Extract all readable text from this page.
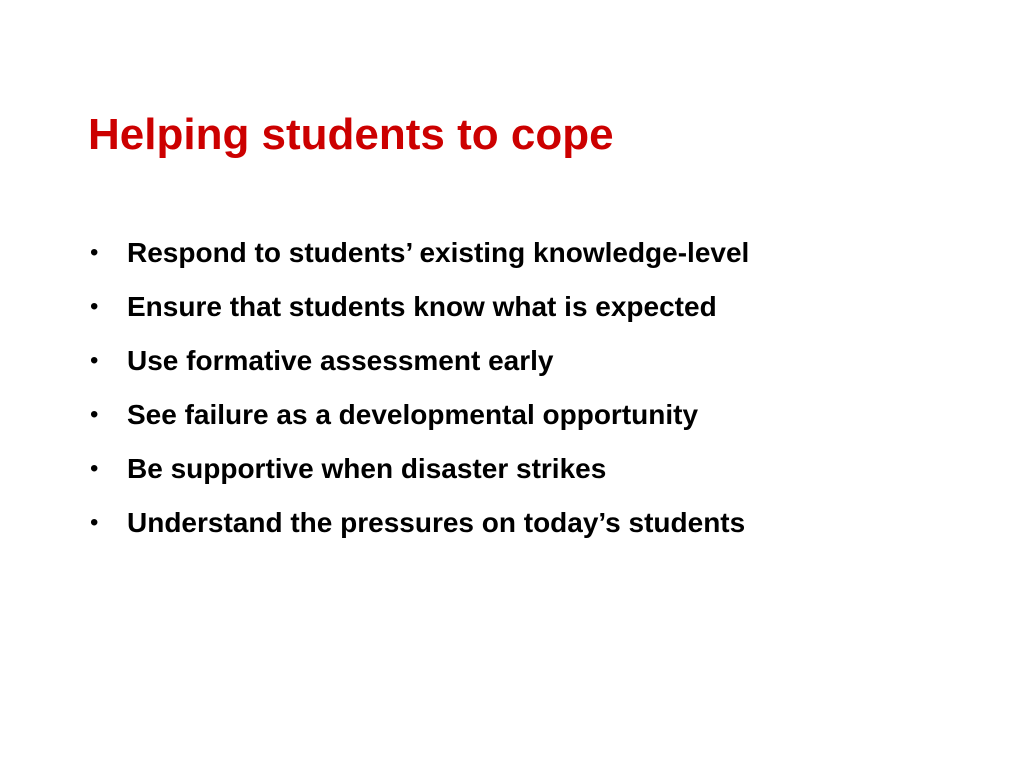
Helping students to cope
•	Respond to students’ existing knowledge-level
•	Ensure that students know what is expected
•	Use formative assessment early
•	See failure as a developmental opportunity
•	Be supportive when disaster strikes
•	Understand the pressures on today’s students
